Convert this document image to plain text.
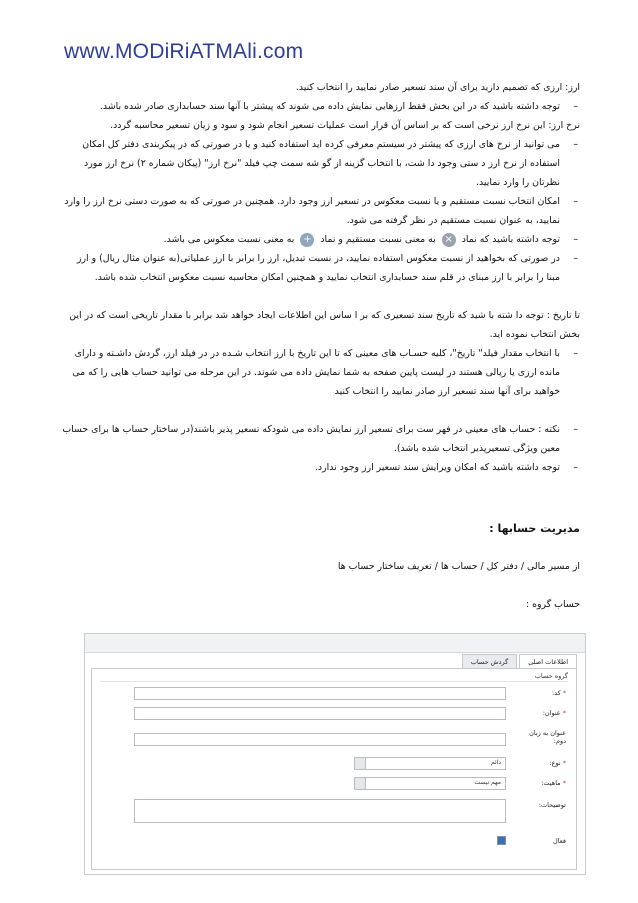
www.MODiRiATMAli.com

ارز: ارزی که تصمیم دارید برای آن سند تسعیر صادر نمایید را انتخاب کنید.

– توجه داشته باشید که در این بخش فقط ارزهایی نمایش داده می شوند که پیشتر با آنها سند حسابداری صادر شده باشد.

نرخ ارز: این نرخ ارز نرخی است که بر اساس آن قرار است عملیات تسعیر انجام شود و سود و زیان تسعیر محاسبه گردد.

– می توانید از نرخ های ارزی که پیشتر در سیستم معرفی کرده اید استفاده کنید و یا در صورتی که در پیکربندی دفتر کل امکان استفاده از نرخ ارز د ستی وجود دا شت، با انتخاب گزینه از گو شه سمت چپ فیلد "نرخ ارز" (پیکان شماره ۲) نرخ ارز مورد نظرتان را وارد نمایید.

– امکان انتخاب نسبت مستقیم و یا نسبت معکوس در تسعیر ارز وجود دارد. همچنین در صورتی که به صورت دستی نرخ ارز را وارد نمایید، به عنوان نسبت مستقیم در نظر گرفته می شود.

– توجه داشته باشید که نماد × به معنی نسبت مستقیم و نماد + به معنی نسبت معکوس می باشد.

– در صورتی که بخواهید از نسبت معکوس استفاده نمایید، در نسبت تبدیل، ارز را برابر با ارز عملیاتی(به عنوان مثال ریال) و ارز مبنا را برابر با ارز مبنای در قلم سند حسابداری انتخاب نمایید و همچنین امکان محاسبه نسبت معکوس انتخاب شده باشد.

تا تاریخ : توجه دا شته با شید که تاریخ سند تسعیری که بر ا ساس این اطلاعات ایجاد خواهد شد برابر با مقدار تاریخی است که در این بخش انتخاب نموده اید.

– با انتخاب مقدار فیلد" تاریخ"، کلیه حسـاب های معینی که تا این تاریخ با ارز انتخاب شـده در در فیلد ارز، گردش داشـته و دارای مانده ارزی یا ریالی هستند در لیست پایین صفحه به شما نمایش داده می شوند. در این مرحله می توانید حساب هایی را که می خواهید برای آنها سند تسعیر ارز صادر نمایید را انتخاب کنید

– نکته : حساب های معینی در فهر ست برای تسعیر ارز نمایش داده می شودکه تسعیر پذیر باشند(در ساختار حساب ها برای حساب معین ویژگی تسعیرپذیر انتخاب شده باشد).

– توجه داشته باشید که امکان ویرایش سند تسعیر ارز وجود ندارد.

مدیریت حسابها :

از مسیر مالی / دفتر کل / حساب ها / تعریف ساختار حساب ها

حساب گروه :

اطلاعات اصلی
گردش حساب
گروه حساب
* کد:
* عنوان:
عنوان به زبان دوم:
* نوع:
دائم
* ماهیت:
مهم نیست
توضیحات:
فعال
